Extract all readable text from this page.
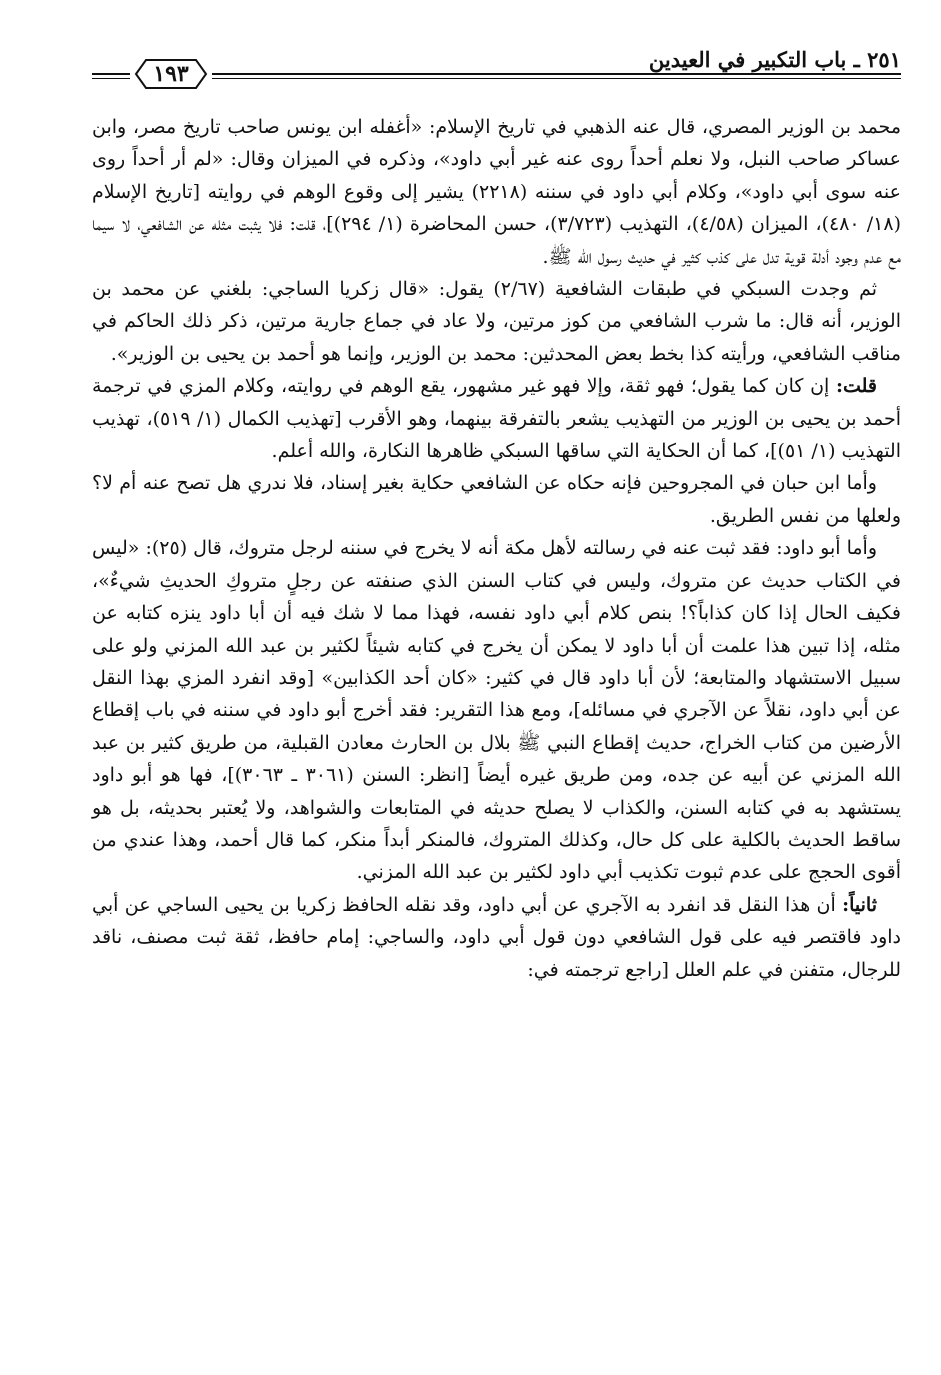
٢٥١ ـ باب التكبير في العيدين
١٩٣

محمد بن الوزير المصري، قال عنه الذهبي في تاريخ الإسلام: «أغفله ابن يونس صاحب تاريخ مصر، وابن عساكر صاحب النبل، ولا نعلم أحداً روى عنه غير أبي داود»، وذكره في الميزان وقال: «لم أر أحداً روى عنه سوى أبي داود»، وكلام أبي داود في سننه (٢٢١٨) يشير إلى وقوع الوهم في روايته [تاريخ الإسلام (١٨/ ٤٨٠)، الميزان (٤/٥٨)، التهذيب (٣/٧٢٣)، حسن المحاضرة (١/ ٢٩٤)]، قلت: فلا يثبت مثله عن الشافعي، لا سيما مع عدم وجود أدلة قوية تدل على كذب كثير في حديث رسول الله ﷺ.

ثم وجدت السبكي في طبقات الشافعية (٢/٦٧) يقول: «قال زكريا الساجي: بلغني عن محمد بن الوزير، أنه قال: ما شرب الشافعي من كوز مرتين، ولا عاد في جماع جارية مرتين، ذكر ذلك الحاكم في مناقب الشافعي، ورأيته كذا بخط بعض المحدثين: محمد بن الوزير، وإنما هو أحمد بن يحيى بن الوزير».

قلت: إن كان كما يقول؛ فهو ثقة، وإلا فهو غير مشهور، يقع الوهم في روايته، وكلام المزي في ترجمة أحمد بن يحيى بن الوزير من التهذيب يشعر بالتفرقة بينهما، وهو الأقرب [تهذيب الكمال (١/ ٥١٩)، تهذيب التهذيب (١/ ٥١)]، كما أن الحكاية التي ساقها السبكي ظاهرها النكارة، والله أعلم.

وأما ابن حبان في المجروحين فإنه حكاه عن الشافعي حكاية بغير إسناد، فلا ندري هل تصح عنه أم لا؟ ولعلها من نفس الطريق.

وأما أبو داود: فقد ثبت عنه في رسالته لأهل مكة أنه لا يخرج في سننه لرجل متروك، قال (٢٥): «ليس في الكتاب حديث عن متروك، وليس في كتاب السنن الذي صنفته عن رجلٍ متروكِ الحديثِ شيءٌ»، فكيف الحال إذا كان كذاباً؟! بنص كلام أبي داود نفسه، فهذا مما لا شك فيه أن أبا داود ينزه كتابه عن مثله، إذا تبين هذا علمت أن أبا داود لا يمكن أن يخرج في كتابه شيئاً لكثير بن عبد الله المزني ولو على سبيل الاستشهاد والمتابعة؛ لأن أبا داود قال في كثير: «كان أحد الكذابين» [وقد انفرد المزي بهذا النقل عن أبي داود، نقلاً عن الآجري في مسائله]، ومع هذا التقرير: فقد أخرج أبو داود في سننه في باب إقطاع الأرضين من كتاب الخراج، حديث إقطاع النبي ﷺ بلال بن الحارث معادن القبلية، من طريق كثير بن عبد الله المزني عن أبيه عن جده، ومن طريق غيره أيضاً [انظر: السنن (٣٠٦١ ـ ٣٠٦٣)]، فها هو أبو داود يستشهد به في كتابه السنن، والكذاب لا يصلح حديثه في المتابعات والشواهد، ولا يُعتبر بحديثه، بل هو ساقط الحديث بالكلية على كل حال، وكذلك المتروك، فالمنكر أبداً منكر، كما قال أحمد، وهذا عندي من أقوى الحجج على عدم ثبوت تكذيب أبي داود لكثير بن عبد الله المزني.

ثانياً: أن هذا النقل قد انفرد به الآجري عن أبي داود، وقد نقله الحافظ زكريا بن يحيى الساجي عن أبي داود فاقتصر فيه على قول الشافعي دون قول أبي داود، والساجي: إمام حافظ، ثقة ثبت مصنف، ناقد للرجال، متفنن في علم العلل [راجع ترجمته في:
